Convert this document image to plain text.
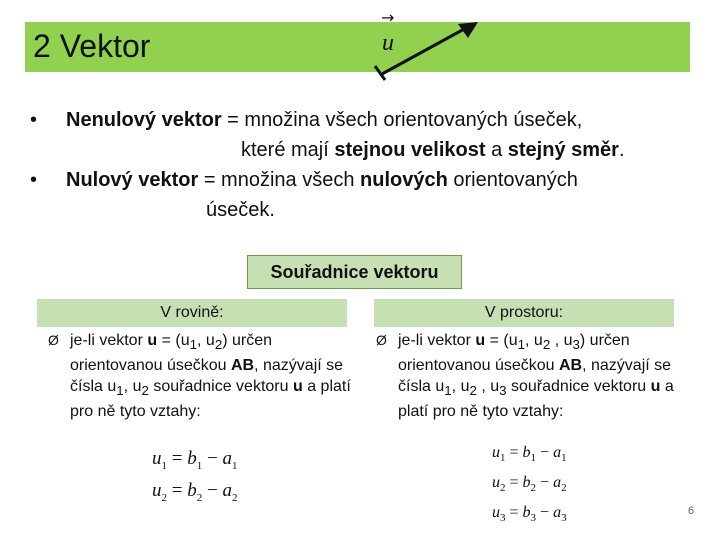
2 Vektor
→
u
•	Nenulový vektor = množina všech orientovaných úseček,
které mají stejnou velikost a stejný směr.
•	Nulový vektor = množina všech nulových orientovaných
úseček.
Souřadnice vektoru
V rovině:
Ø je-li vektor $u = (u_1$, $u_2$) určen orientovanou úsečkou AB, nazývají se čísla $u_1$, $u_2$ souřadnice vektoru u a platí pro ně tyto vztahy:
$u_1 = b_1 - a_1$
$u_2 = b_2 - a_2$
V prostoru:
Ø je-li vektor $u = (u_1$, $u_2$ , $u_3$) určen orientovanou úsečkou AB, nazývají se čísla $u_1$, $u_2$ , $u_3$ souřadnice vektoru u a platí pro ně tyto vztahy:
$u_1 = b_1 - a_1$
$u_2 = b_2 - a_2$
$u_3 = b_3 - a_3$
6
